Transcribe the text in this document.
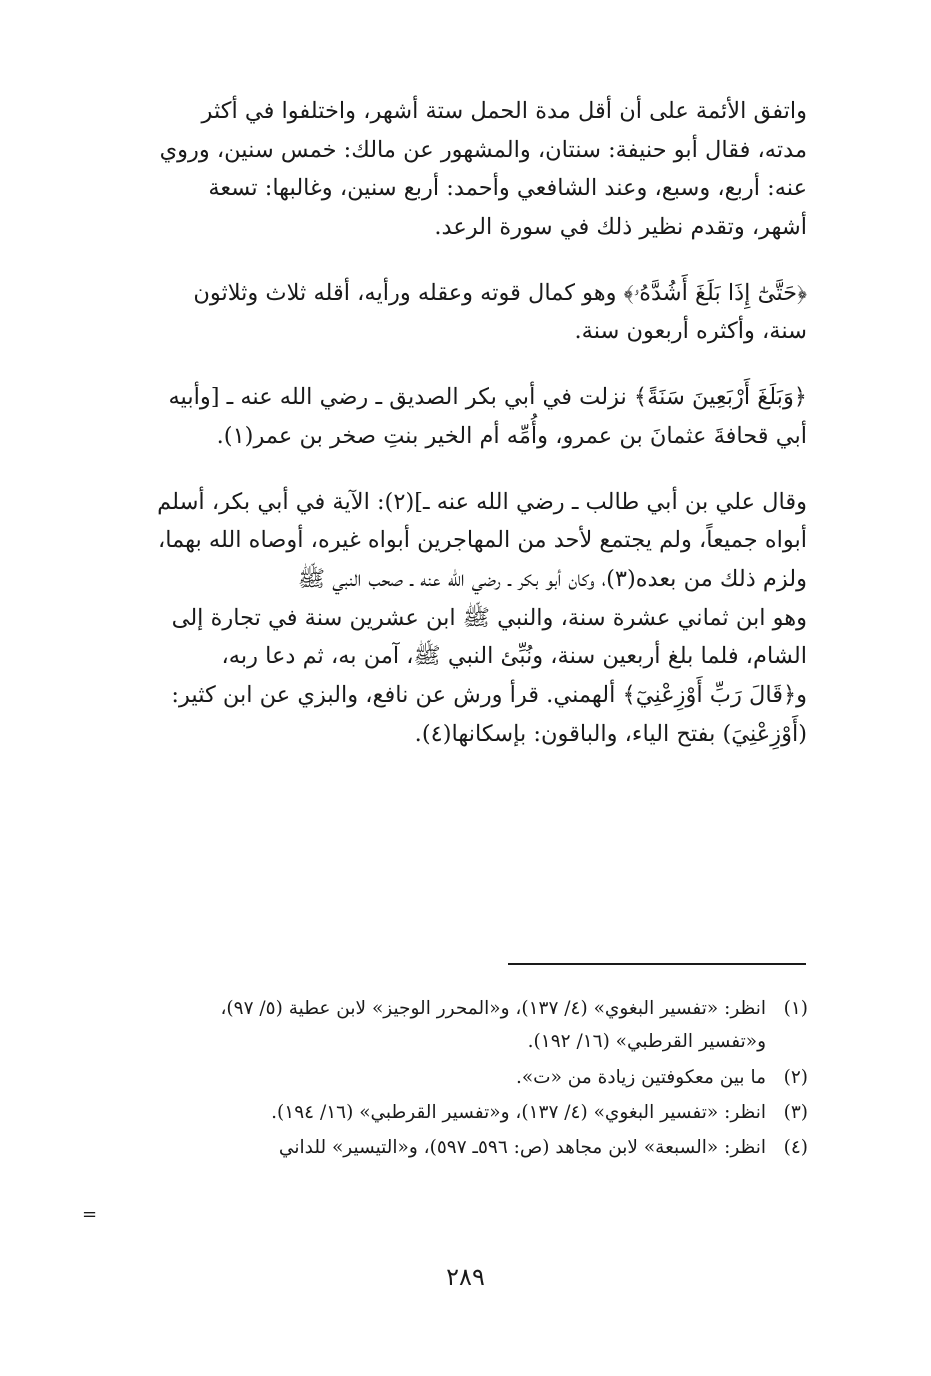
واتفق الأئمة على أن أقل مدة الحمل ستة أشهر، واختلفوا في أكثر

مدته، فقال أبو حنيفة: سنتان، والمشهور عن مالك: خمس سنين، وروي

عنه: أربع، وسبع، وعند الشافعي وأحمد: أربع سنين، وغالبها: تسعة

أشهر، وتقدم نظير ذلك في سورة الرعد.

﴿حَتَّىٰٓ إِذَا بَلَغَ أَشُدَّهُۥ﴾ وهو كمال قوته وعقله ورأيه، أقله ثلاث وثلاثون

سنة، وأكثره أربعون سنة.

﴿وَبَلَغَ أَرْبَعِينَ سَنَةً﴾ نزلت في أبي بكر الصديق ـ رضي الله عنه ـ [وأبيه

أبي قحافةَ عثمانَ بن عمرو، وأُمِّه أم الخير بنتِ صخر بن عمر(١).

وقال علي بن أبي طالب ـ رضي الله عنه ـ](٢): الآية في أبي بكر، أسلم

أبواه جميعاً، ولم يجتمع لأحد من المهاجرين أبواه غيره، أوصاه الله بهما،

ولزم ذلك من بعده(٣)، وكان أبو بكر ـ رضي الله عنه ـ صحب النبي ﷺ

وهو ابن ثماني عشرة سنة، والنبي ﷺ ابن عشرين سنة في تجارة إلى

الشام، فلما بلغ أربعين سنة، ونُبِّئ النبي ﷺ، آمن به، ثم دعا ربه،

و﴿قَالَ رَبِّ أَوْزِعْنِيٓ﴾ ألهمني. قرأ ورش عن نافع، والبزي عن ابن كثير:

(أَوْزِعْنِيَ) بفتح الياء، والباقون: بإسكانها(٤).

(١)
انظر: «تفسير البغوي» (٤/ ١٣٧)، و«المحرر الوجيز» لابن عطية (٥/ ٩٧)،
و«تفسير القرطبي» (١٦/ ١٩٢).
(٢)
ما بين معكوفتين زيادة من «ت».
(٣)
انظر: «تفسير البغوي» (٤/ ١٣٧)، و«تفسير القرطبي» (١٦/ ١٩٤).
(٤)
انظر: «السبعة» لابن مجاهد (ص: ٥٩٦ـ ٥٩٧)، و«التيسير» للداني
=
٢٨٩
